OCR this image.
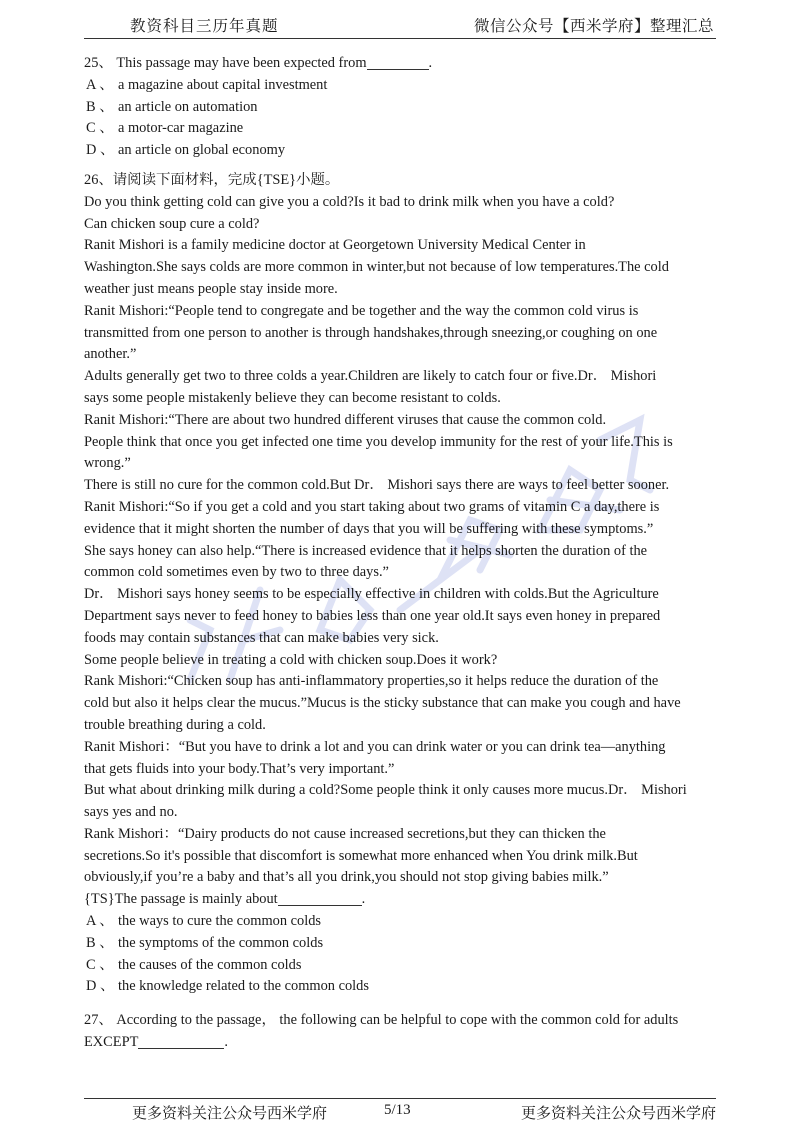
教资科目三历年真题	微信公众号【西米学府】整理汇总
25、 This passage may have been expected from	.
A 、 a magazine about capital investment
B 、 an article on automation
C 、 a motor-car magazine
D 、 an article on global economy
26、请阅读下面材料，完成{TSE}小题。
Do you think getting cold can give you a cold?Is it bad to drink milk when you have a cold?
Can chicken soup cure a cold?
Ranit Mishori is a family medicine doctor at Georgetown University Medical Center in
Washington.She says colds are more common in winter,but not because of low temperatures.The cold
weather just means people stay inside more.
Ranit Mishori:“People tend to congregate and be together and the way the common cold virus is
transmitted from one person to another is through handshakes,through sneezing,or coughing on one
another.”
Adults generally get two to three colds a year.Children are likely to catch four or five.Dr． Mishori
says some people mistakenly believe they can become resistant to colds.
Ranit Mishori:“There are about two hundred different viruses that cause the common cold.
People think that once you get infected one time you develop immunity for the rest of your life.This is
wrong.”
There is still no cure for the common cold.But Dr． Mishori says there are ways to feel better sooner.
Ranit Mishori:“So if you get a cold and you start taking about two grams of vitamin C a day,there is
evidence that it might shorten the number of days that you will be suffering with these symptoms.”
She says honey can also help.“There is increased evidence that it helps shorten the duration of the
common cold sometimes even by two to three days.”
Dr． Mishori says honey seems to be especially effective in children with colds.But the Agriculture
Department says never to feed honey to babies less than one year old.It says even honey in prepared
foods may contain substances that can make babies very sick.
Some people believe in treating a cold with chicken soup.Does it work?
Rank Mishori:“Chicken soup has anti-inflammatory properties,so it helps reduce the duration of the
cold but also it helps clear the mucus.”Mucus is the sticky substance that can make you cough and have
trouble breathing during a cold.
Ranit Mishori：“But you have to drink a lot and you can drink water or you can drink tea—anything
that gets fluids into your body.That’s very important.”
But what about drinking milk during a cold?Some people think it only causes more mucus.Dr． Mishori
says yes and no.
Rank Mishori：“Dairy products do not cause increased secretions,but they can thicken the
secretions.So it's possible that discomfort is somewhat more enhanced when You drink milk.But
obviously,if you’re a baby and that’s all you drink,you should not stop giving babies milk.”
{TS}The passage is mainly about	.
A 、 the ways to cure the common colds
B 、 the symptoms of the common colds
C 、 the causes of the common colds
D 、 the knowledge related to the common colds
27、 According to the passage， the following can be helpful to cope with the common cold for adults
EXCEPT	.
更多资料关注公众号西米学府	5/13	更多资料关注公众号西米学府
